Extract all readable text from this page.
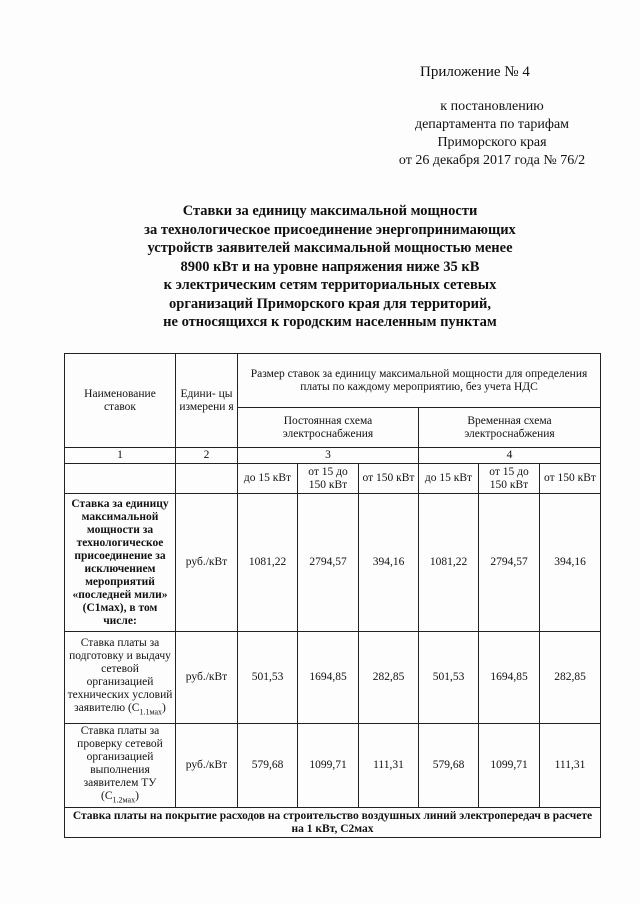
Приложение № 4
к постановлению
департамента по тарифам
Приморского края
от 26 декабря 2017 года № 76/2
Ставки за единицу максимальной мощности
за технологическое присоединение энергопринимающих
устройств заявителей максимальной мощностью менее
8900 кВт и на уровне напряжения ниже 35 кВ
к электрическим сетям территориальных сетевых
организаций Приморского края для территорий,
не относящихся к городским населенным пунктам
Наименование ставок	Едини- цы измерени я	Размер ставок за единицу максимальной мощности для определения платы по каждому мероприятию, без учета НДС					
		Постоянная схема электроснабжения			Временная схема электроснабжения		
1	2	3			4		
		до 15 кВт	от 15 до 150 кВт	от 150 кВт	до 15 кВт	от 15 до 150 кВт	от 150 кВт
Ставка за единицу максимальной мощности за технологическое присоединение за исключением мероприятий «последней мили» (С1мах), в том числе:	руб./кВт	1081,22	2794,57	394,16	1081,22	2794,57	394,16
Ставка платы за подготовку и выдачу сетевой организацией технических условий заявителю $(С_{1.1мах})$	руб./кВт	501,53	1694,85	282,85	501,53	1694,85	282,85
Ставка платы за проверку сетевой организацией выполнения заявителем ТУ $(С_{1.2мах})$	руб./кВт	579,68	1099,71	111,31	579,68	1099,71	111,31
Ставка платы на покрытие расходов на строительство воздушных линий электропередач в расчете на 1 кВт, С2мах							
